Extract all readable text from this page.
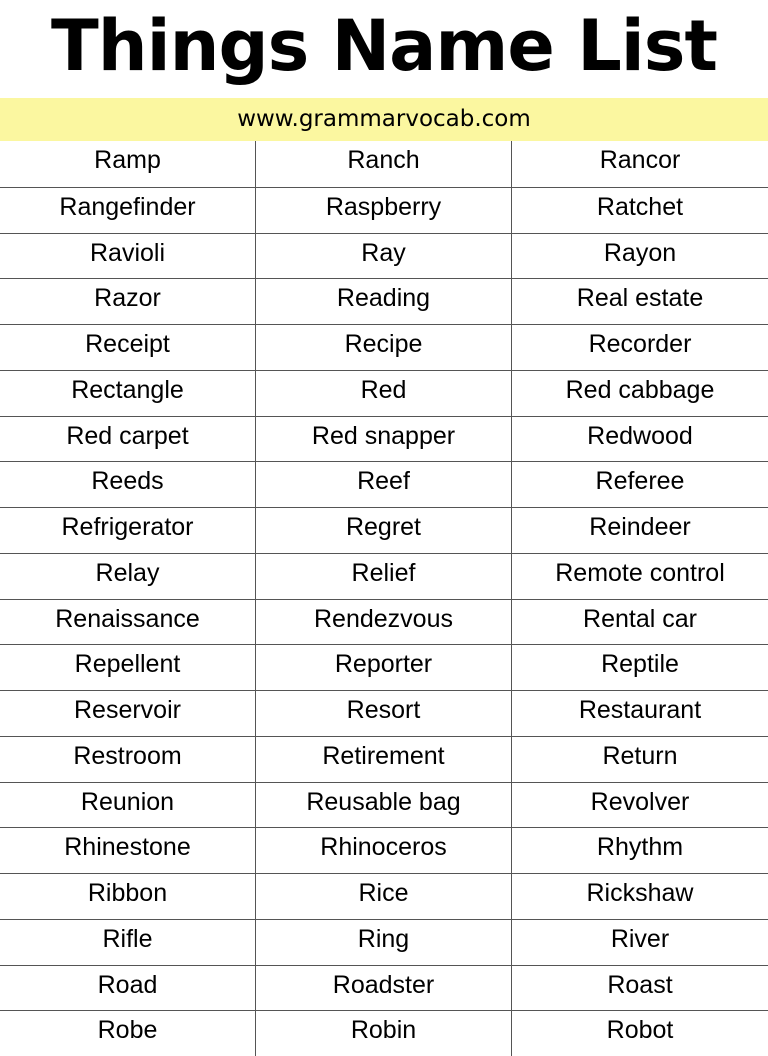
Things Name List
www.grammarvocab.com
Ramp	Ranch	Rancor
Rangefinder	Raspberry	Ratchet
Ravioli	Ray	Rayon
Razor	Reading	Real estate
Receipt	Recipe	Recorder
Rectangle	Red	Red cabbage
Red carpet	Red snapper	Redwood
Reeds	Reef	Referee
Refrigerator	Regret	Reindeer
Relay	Relief	Remote control
Renaissance	Rendezvous	Rental car
Repellent	Reporter	Reptile
Reservoir	Resort	Restaurant
Restroom	Retirement	Return
Reunion	Reusable bag	Revolver
Rhinestone	Rhinoceros	Rhythm
Ribbon	Rice	Rickshaw
Rifle	Ring	River
Road	Roadster	Roast
Robe	Robin	Robot
